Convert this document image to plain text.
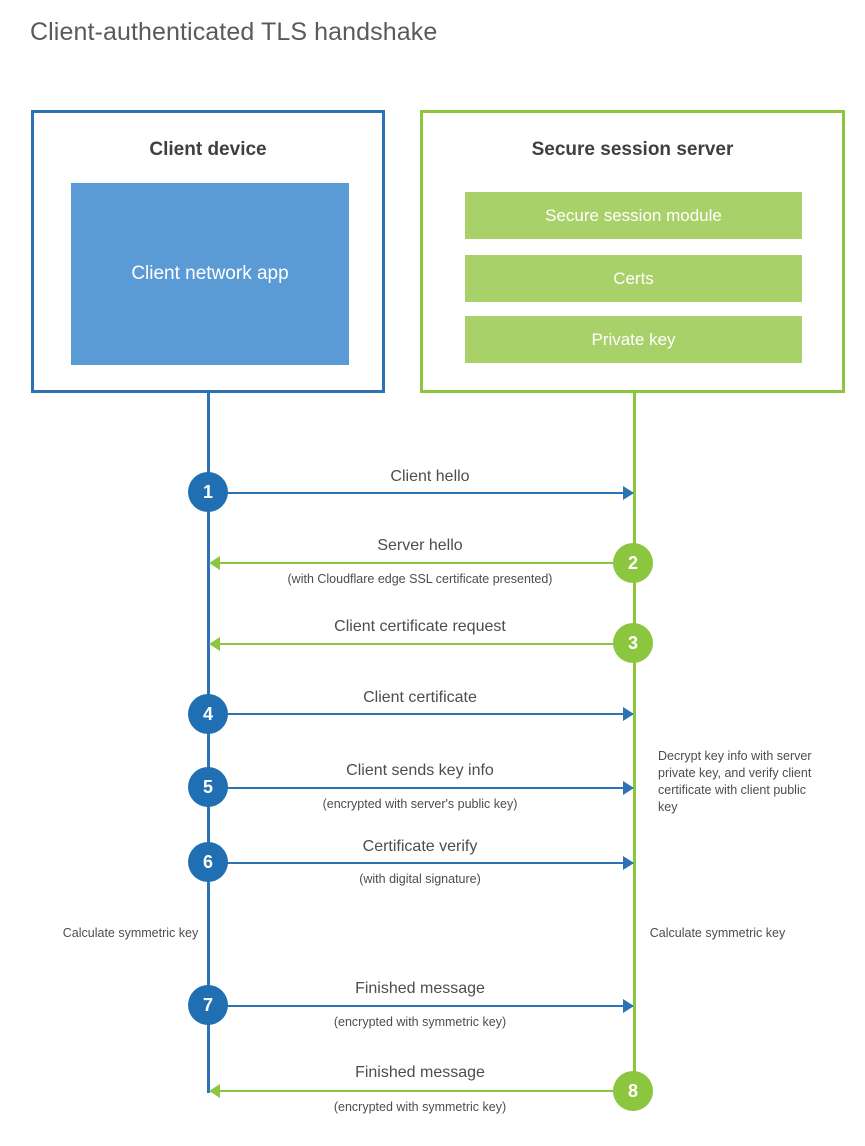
Client-authenticated TLS handshake
Client device
Client network app
Secure session server
Secure session module
Certs
Private key
Client hello
1
Server hello
(with Cloudflare edge SSL certificate presented)
2
Client certificate request
3
Client certificate
4
Client sends key info
(encrypted with server's public key)
5
Decrypt key info with server private key, and verify client certificate with client public key
Certificate verify
(with digital signature)
6
Calculate symmetric key	Calculate symmetric key
Finished message
(encrypted with symmetric key)
7
Finished message
(encrypted with symmetric key)
8
